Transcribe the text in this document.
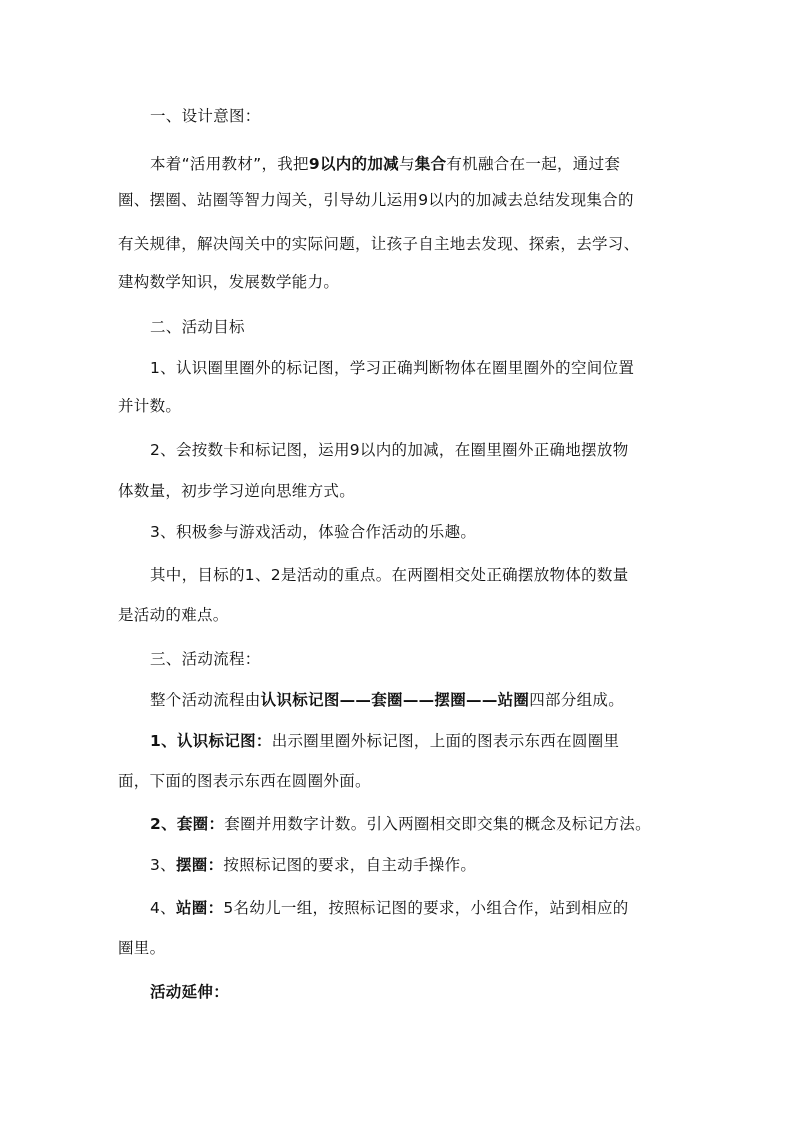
一、设计意图：
本着“活用教材”，我把9以内的加减与集合有机融合在一起，通过套
圈、摆圈、站圈等智力闯关，引导幼儿运用9以内的加减去总结发现集合的
有关规律，解决闯关中的实际问题，让孩子自主地去发现、探索，去学习、
建构数学知识，发展数学能力。
二、活动目标
1、认识圈里圈外的标记图，学习正确判断物体在圈里圈外的空间位置
并计数。
2、会按数卡和标记图，运用9以内的加减，在圈里圈外正确地摆放物
体数量，初步学习逆向思维方式。
3、积极参与游戏活动，体验合作活动的乐趣。
其中，目标的1、2是活动的重点。在两圈相交处正确摆放物体的数量
是活动的难点。
三、活动流程：
整个活动流程由认识标记图——套圈——摆圈——站圈四部分组成。
1、认识标记图：出示圈里圈外标记图，上面的图表示东西在圆圈里
面，下面的图表示东西在圆圈外面。
2、套圈：套圈并用数字计数。引入两圈相交即交集的概念及标记方法。
3、摆圈：按照标记图的要求，自主动手操作。
4、站圈：5名幼儿一组，按照标记图的要求，小组合作，站到相应的
圈里。
活动延伸：
